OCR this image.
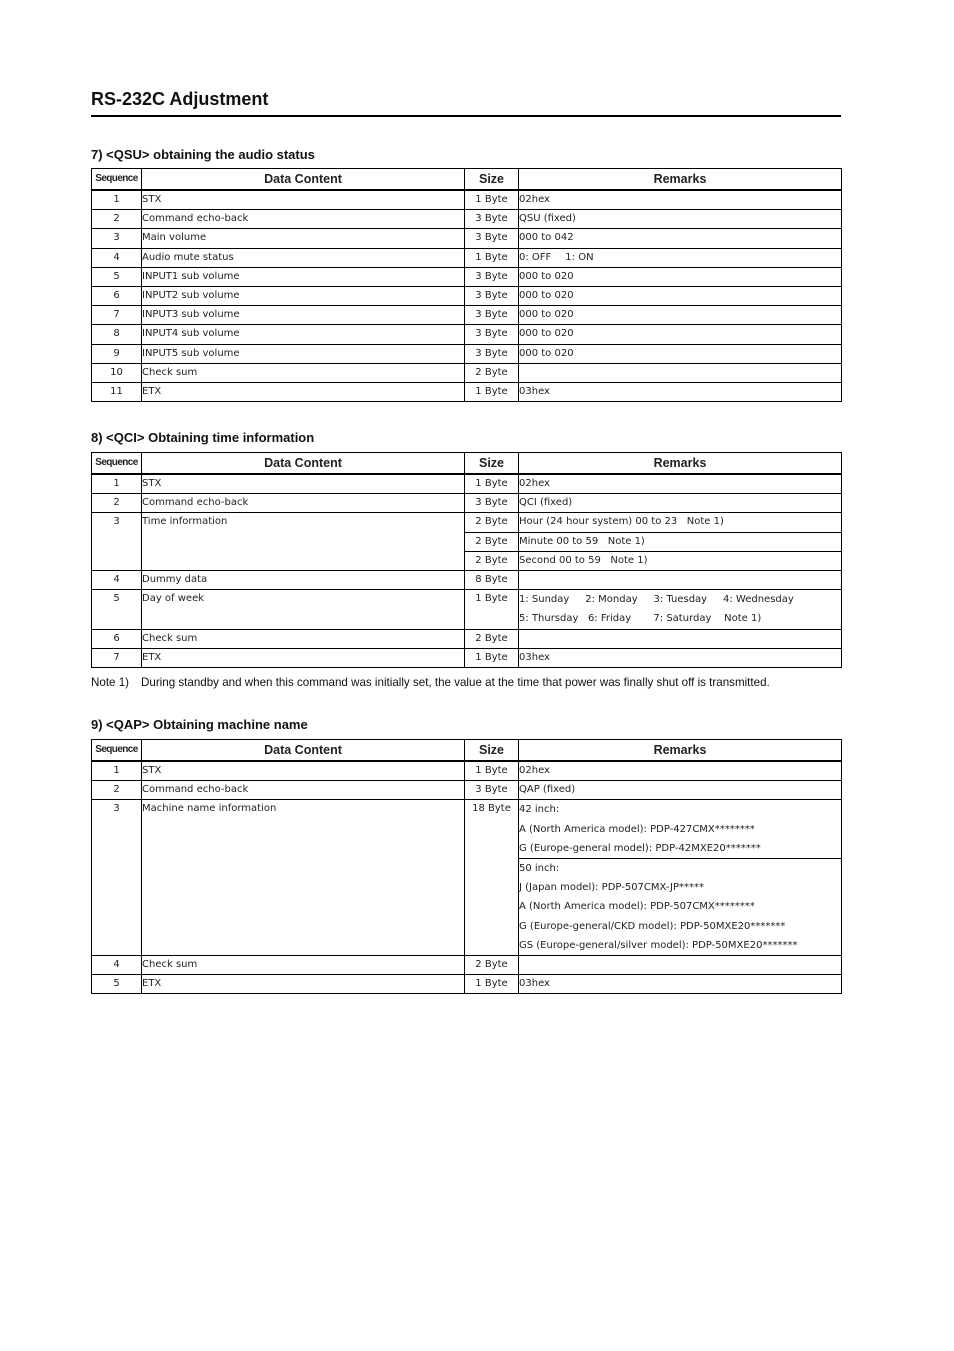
RS-232C Adjustment
7) <QSU> obtaining the audio status
Sequence	Data Content	Size	Remarks
1	STX	1 Byte	02hex
2	Command echo-back	3 Byte	QSU (fixed)
3	Main volume	3 Byte	000 to 042
4	Audio mute status	1 Byte	0: OFF 1: ON
5	INPUT1 sub volume	3 Byte	000 to 020
6	INPUT2 sub volume	3 Byte	000 to 020
7	INPUT3 sub volume	3 Byte	000 to 020
8	INPUT4 sub volume	3 Byte	000 to 020
9	INPUT5 sub volume	3 Byte	000 to 020
10	Check sum	2 Byte	
11	ETX	1 Byte	03hex
8) <QCI> Obtaining time information
Sequence	Data Content	Size	Remarks
1	STX	1 Byte	02hex
2	Command echo-back	3 Byte	QCI (fixed)
3	Time information	2 Byte	Hour (24 hour system) 00 to 23   Note 1)
		2 Byte	Minute 00 to 59   Note 1)
		2 Byte	Second 00 to 59   Note 1)
4	Dummy data	8 Byte	
5	Day of week	1 Byte	1: Sunday     2: Monday     3: Tuesday     4: Wednesday
5: Thursday   6: Friday       7: Saturday    Note 1)

6	Check sum	2 Byte	
7	ETX	1 Byte	03hex
Note 1) During standby and when this command was initially set, the value at the time that power was finally shut off is transmitted.
9) <QAP> Obtaining machine name
Sequence	Data Content	Size	Remarks
1	STX	1 Byte	02hex
2	Command echo-back	3 Byte	QAP (fixed)
3	Machine name information	18 Byte	42 inch:
A (North America model): PDP-427CMX********
G (Europe-general model): PDP-42MXE20*******

			50 inch:
J (Japan model): PDP-507CMX-JP*****
A (North America model): PDP-507CMX********
G (Europe-general/CKD model): PDP-50MXE20*******
GS (Europe-general/silver model): PDP-50MXE20*******

4	Check sum	2 Byte	
5	ETX	1 Byte	03hex
